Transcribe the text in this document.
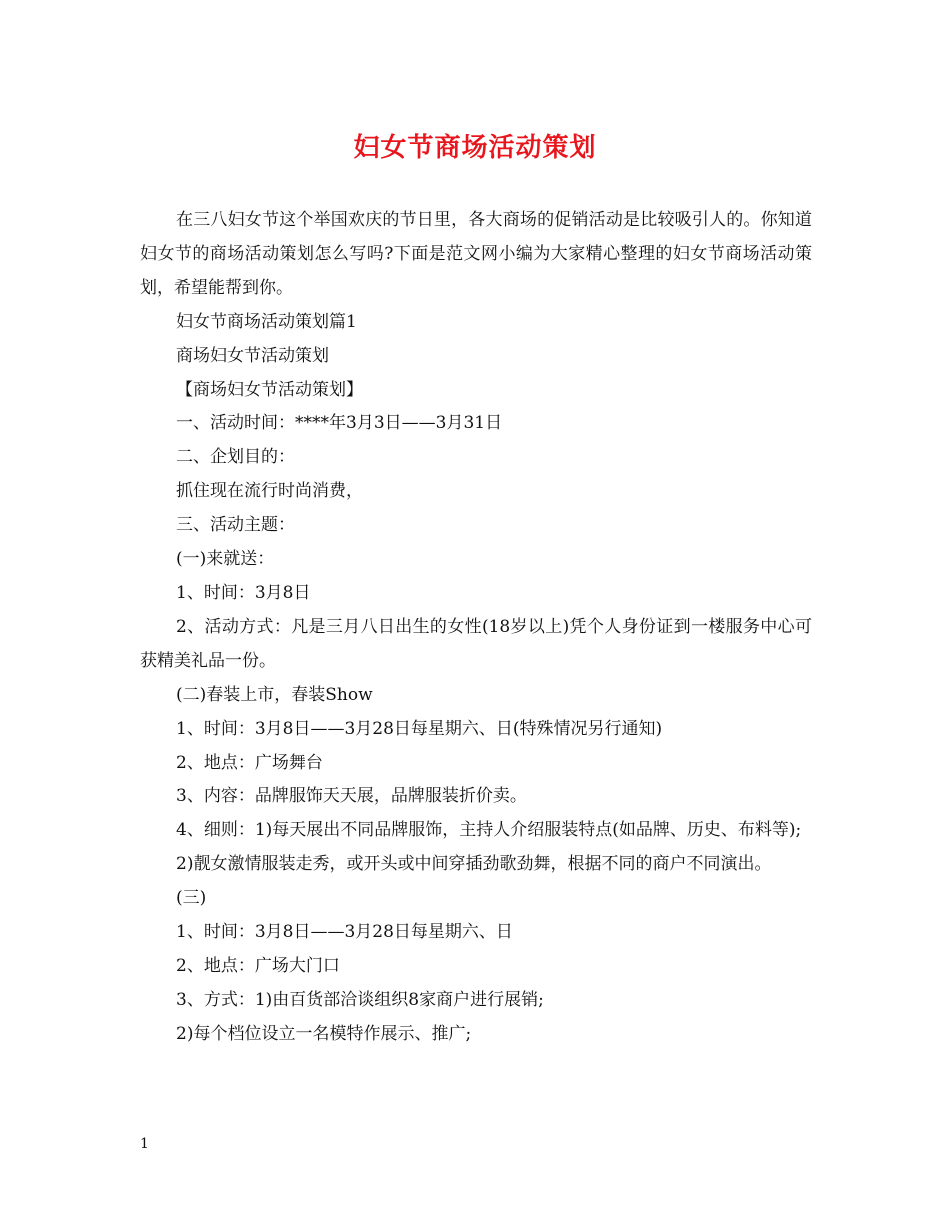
妇女节商场活动策划

在三八妇女节这个举国欢庆的节日里，各大商场的促销活动是比较吸引人的。你知道妇女节的商场活动策划怎么写吗?下面是范文网小编为大家精心整理的妇女节商场活动策划，希望能帮到你。

妇女节商场活动策划篇1

商场妇女节活动策划

【商场妇女节活动策划】

一、活动时间：****年3月3日——3月31日

二、企划目的：

抓住现在流行时尚消费，

三、活动主题：

(一)来就送：

1、时间：3月8日

2、活动方式：凡是三月八日出生的女性(18岁以上)凭个人身份证到一楼服务中心可获精美礼品一份。

(二)春装上市，春装Show

1、时间：3月8日——3月28日每星期六、日(特殊情况另行通知)

2、地点：广场舞台

3、内容：品牌服饰天天展，品牌服装折价卖。

4、细则：1)每天展出不同品牌服饰，主持人介绍服装特点(如品牌、历史、布料等);

2)靓女激情服装走秀，或开头或中间穿插劲歌劲舞，根据不同的商户不同演出。

(三)

1、时间：3月8日——3月28日每星期六、日

2、地点：广场大门口

3、方式：1)由百货部洽谈组织8家商户进行展销;

2)每个档位设立一名模特作展示、推广;

1
